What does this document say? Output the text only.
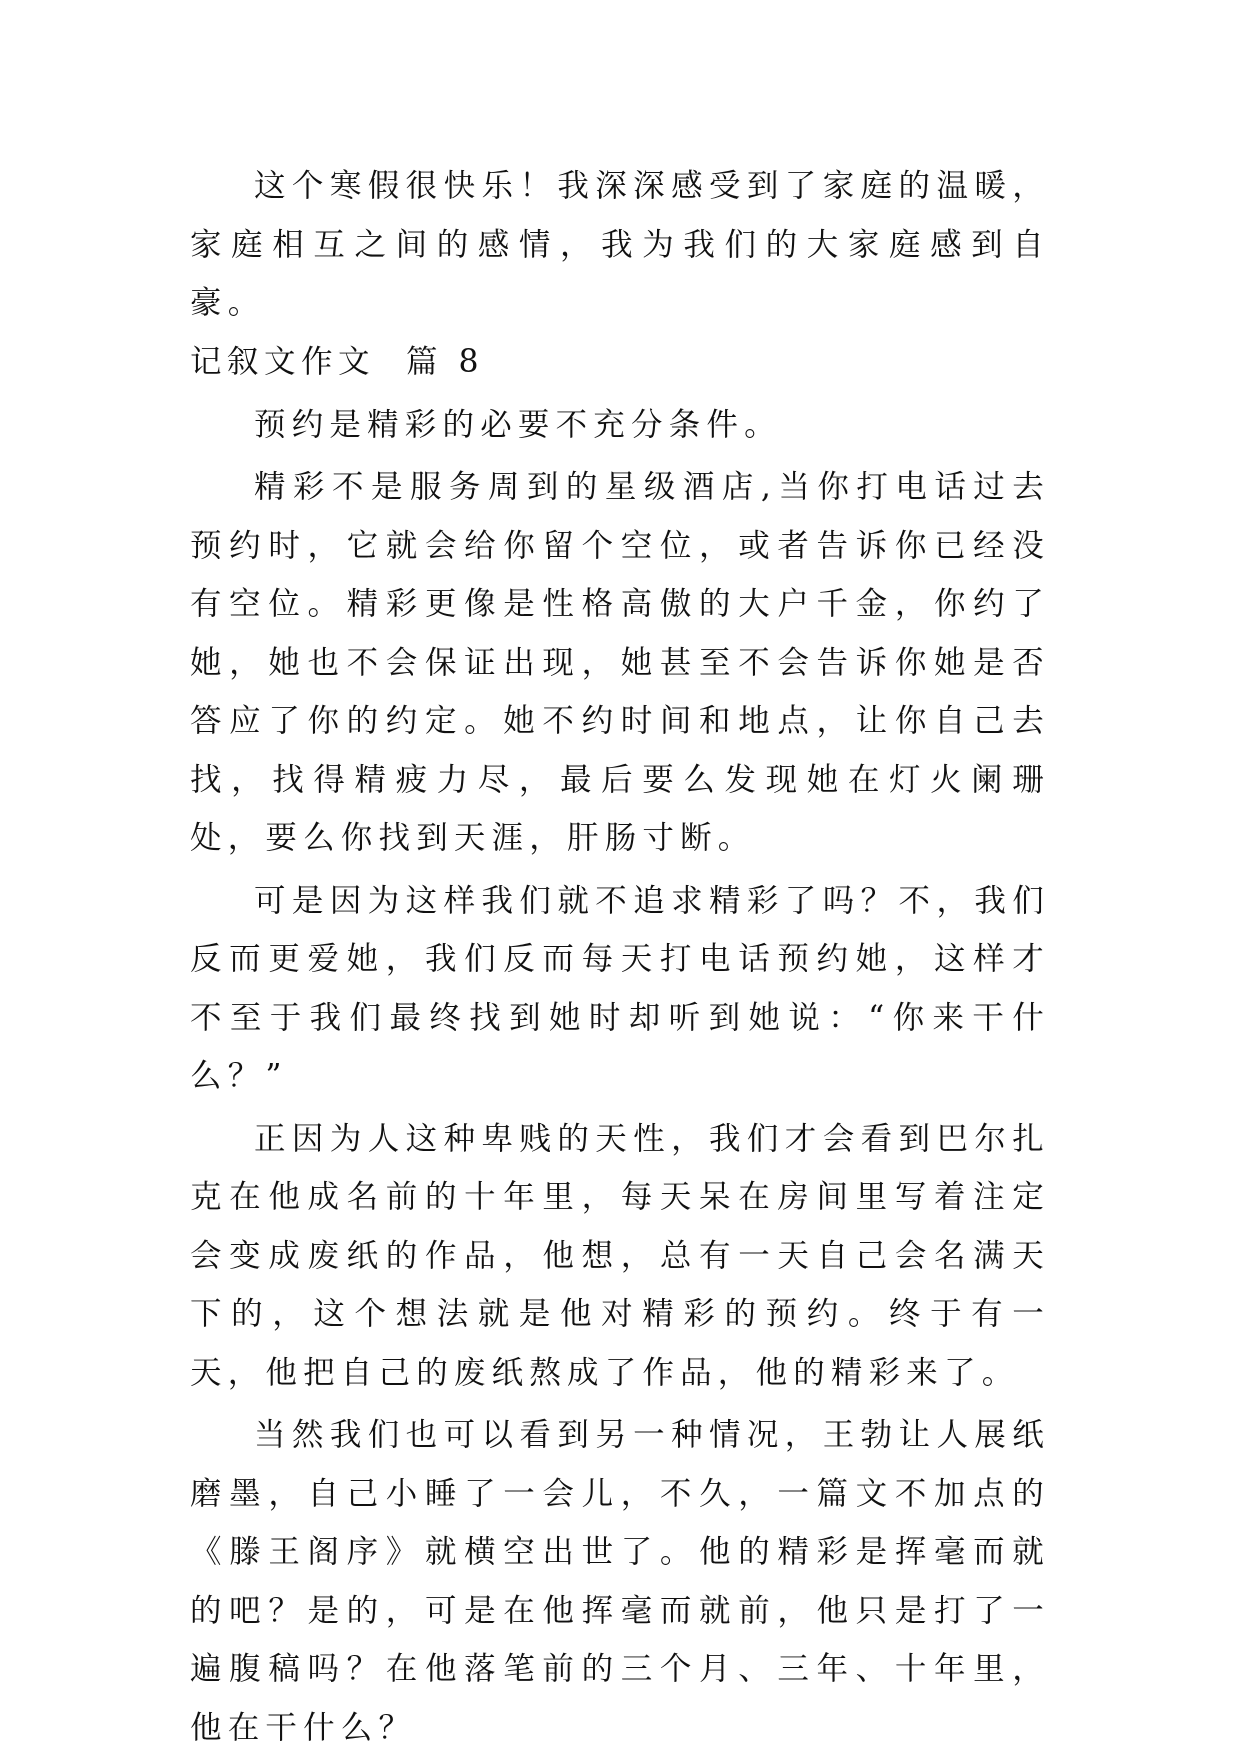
这个寒假很快乐！我深深感受到了家庭的温暖，家庭相互之间的感情，我为我们的大家庭感到自豪。

记叙文作文  篇 8

预约是精彩的必要不充分条件。

精彩不是服务周到的星级酒店,当你打电话过去预约时，它就会给你留个空位，或者告诉你已经没有空位。精彩更像是性格高傲的大户千金，你约了她，她也不会保证出现，她甚至不会告诉你她是否答应了你的约定。她不约时间和地点，让你自己去找，找得精疲力尽，最后要么发现她在灯火阑珊处，要么你找到天涯，肝肠寸断。

可是因为这样我们就不追求精彩了吗？不，我们反而更爱她，我们反而每天打电话预约她，这样才不至于我们最终找到她时却听到她说：“你来干什么？”

正因为人这种卑贱的天性，我们才会看到巴尔扎克在他成名前的十年里，每天呆在房间里写着注定会变成废纸的作品，他想，总有一天自己会名满天下的，这个想法就是他对精彩的预约。终于有一天，他把自己的废纸熬成了作品，他的精彩来了。

当然我们也可以看到另一种情况，王勃让人展纸磨墨，自己小睡了一会儿，不久，一篇文不加点的《滕王阁序》就横空出世了。他的精彩是挥毫而就的吧？是的，可是在他挥毫而就前，他只是打了一遍腹稿吗？在他落笔前的三个月、三年、十年里，他在干什么？
